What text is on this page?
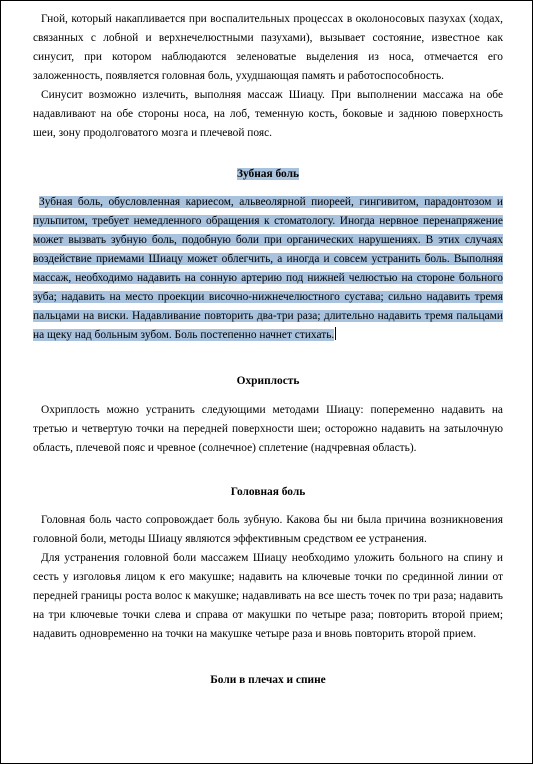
Гной, который накапливается при воспалительных процессах в околоносовых пазухах (ходах, связанных с лобной и верхнечелюстными пазухами), вызывает состояние, известное как синусит, при котором наблюдаются зеленоватые выделения из носа, отмечается его заложенность, появляется головная боль, ухудшающая память и работоспособность.

Синусит возможно излечить, выполняя массаж Шиацу. При выполнении массажа на обе надавливают на обе стороны носа, на лоб, теменную кость, боковые и заднюю поверхность шеи, зону продолговатого мозга и плечевой пояс.

Зубная боль

Зубная боль, обусловленная кариесом, альвеолярной пиореей, гингивитом, парадонтозом и пульпитом, требует немедленного обращения к стоматологу. Иногда нервное перенапряжение может вызвать зубную боль, подобную боли при органических нарушениях. В этих случаях воздействие приемами Шиацу может облегчить, а иногда и совсем устранить боль. Выполняя массаж, необходимо надавить на сонную артерию под нижней челюстью на стороне больного зуба; надавить на место проекции височно-нижнечелюстного сустава; сильно надавить тремя пальцами на виски. Надавливание повторить два-три раза; длительно надавить тремя пальцами на щеку над больным зубом. Боль постепенно начнет стихать.

Охриплость

Охриплость можно устранить следующими методами Шиацу: попеременно надавить на третью и четвертую точки на передней поверхности шеи; осторожно надавить на затылочную область, плечевой пояс и чревное (солнечное) сплетение (надчревная область).

Головная боль

Головная боль часто сопровождает боль зубную. Какова бы ни была причина возникновения головной боли, методы Шиацу являются эффективным средством ее устранения.

Для устранения головной боли массажем Шиацу необходимо уложить больного на спину и сесть у изголовья лицом к его макушке; надавить на ключевые точки по срединной линии от передней границы роста волос к макушке; надавливать на все шесть точек по три раза; надавить на три ключевые точки слева и справа от макушки по четыре раза; повторить второй прием; надавить одновременно на точки на макушке четыре раза и вновь повторить второй прием.

Боли в плечах и спине
